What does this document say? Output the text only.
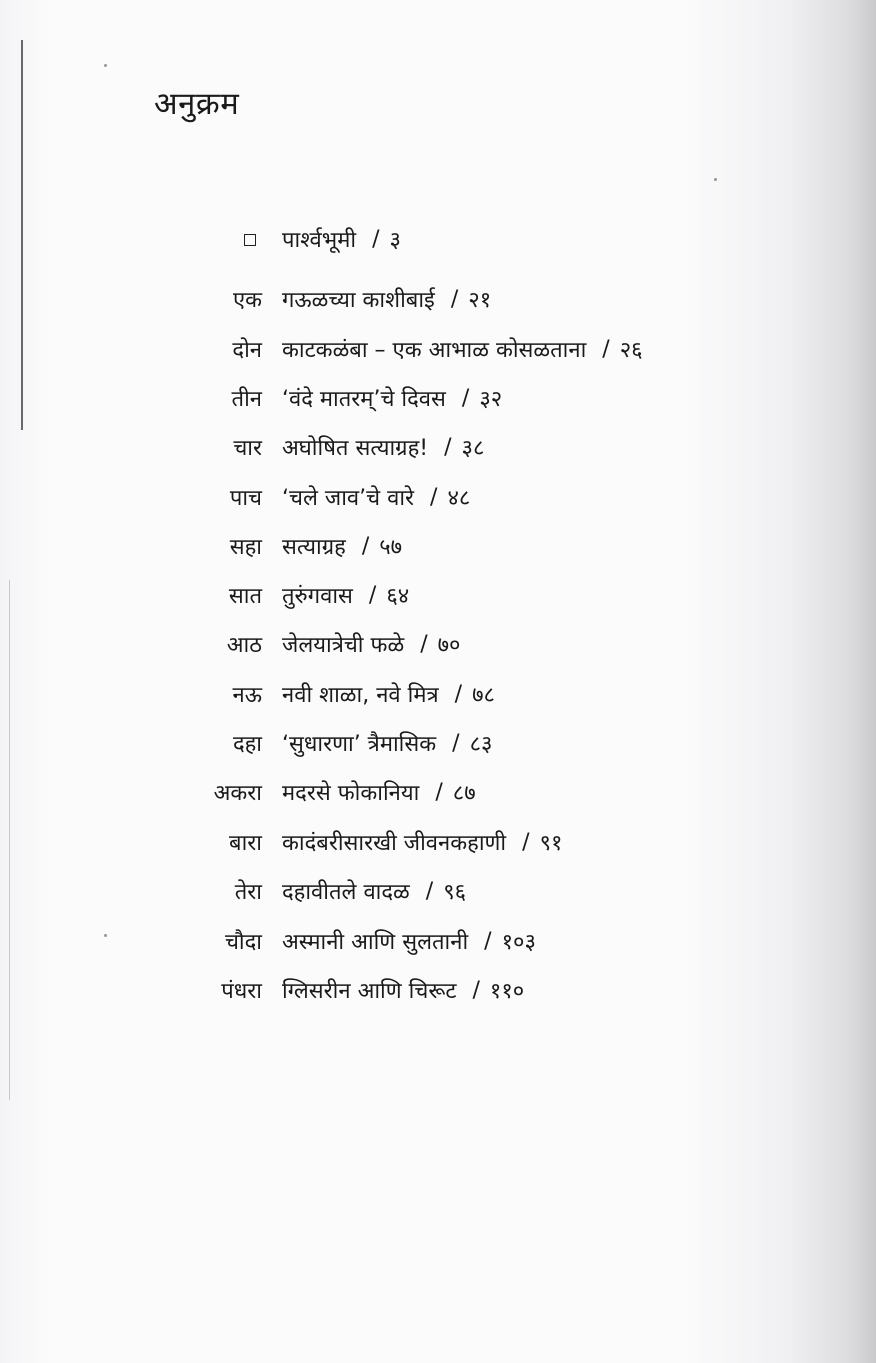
अनुक्रम
पार्श्वभूमी / ३
एक गऊळच्या काशीबाई / २१
दोन काटकळंबा – एक आभाळ कोसळताना / २६
तीन ‘वंदे मातरम्’चे दिवस / ३२
चार अघोषित सत्याग्रह! / ३८
पाच ‘चले जाव’चे वारे / ४८
सहा सत्याग्रह / ५७
सात तुरुंगवास / ६४
आठ जेलयात्रेची फळे / ७०
नऊ नवी शाळा, नवे मित्र / ७८
दहा ‘सुधारणा’ त्रैमासिक / ८३
अकरा मदरसे फोकानिया / ८७
बारा कादंबरीसारखी जीवनकहाणी / ९१
तेरा दहावीतले वादळ / ९६
चौदा अस्मानी आणि सुलतानी / १०३
पंधरा ग्लिसरीन आणि चिरूट / ११०
